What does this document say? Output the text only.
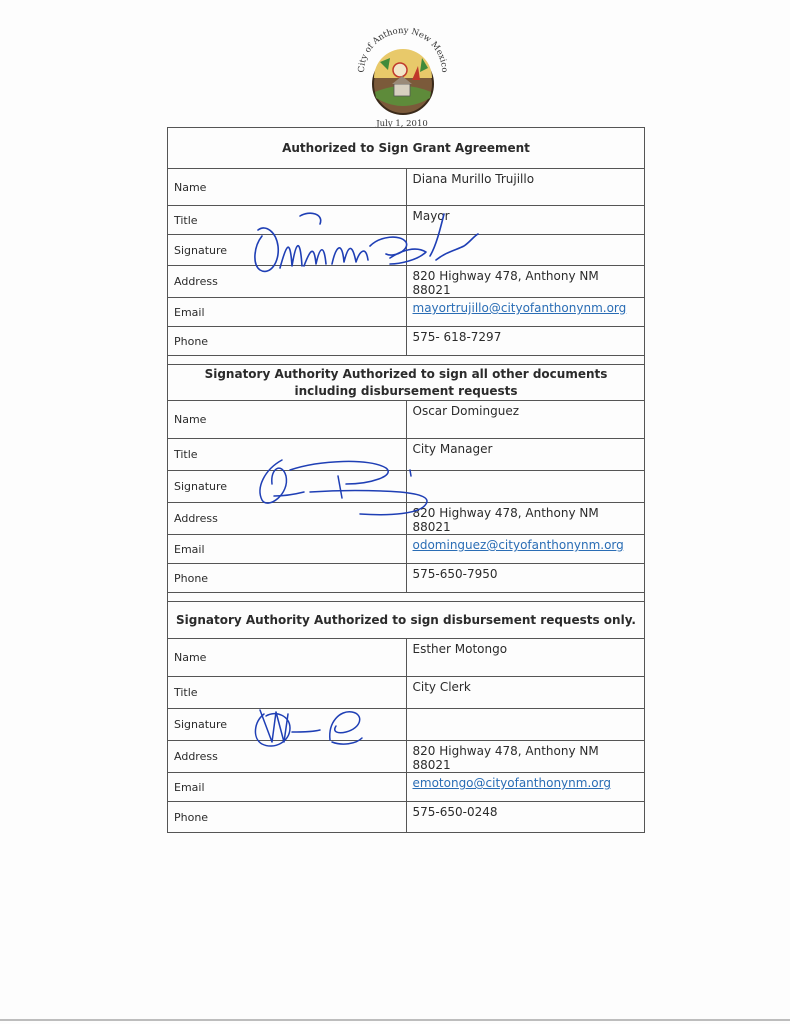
City of Anthony New Mexico
July 1, 2010
Authorized to Sign Grant Agreement	
Name	Diana Murillo Trujillo
Title	Mayor
Signature	
Address	820 Highway 478, Anthony NM 88021
Email	mayortrujillo@cityofanthonynm.org
Phone	575- 618-7297

Signatory Authority Authorized to sign all other documents including disbursement requests	
Name	Oscar Dominguez
Title	City Manager
Signature	
Address	820 Highway 478, Anthony NM 88021
Email	odominguez@cityofanthonynm.org
Phone	575-650-7950

Signatory Authority Authorized to sign disbursement requests only.	
Name	Esther Motongo
Title	City Clerk
Signature	
Address	820 Highway 478, Anthony NM 88021
Email	emotongo@cityofanthonynm.org
Phone	575-650-0248
